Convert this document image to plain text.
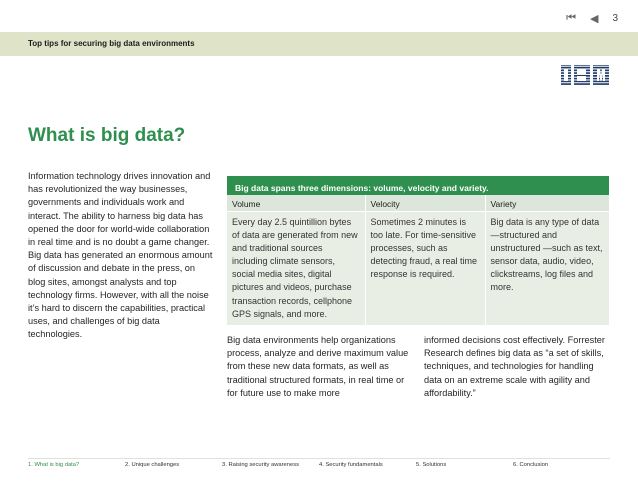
⏮ ◀ 3
Top tips for securing big data environments
What is big data?

Information technology drives innovation and has revolutionized the way businesses, governments and individuals work and interact. The ability to harness big data has opened the door for world-wide collaboration in real time and is no doubt a game changer. Big data has generated an enormous amount of discussion and debate in the press, on blog sites, amongst analysts and top technology firms. However, with all the noise it’s hard to discern the capabilities, practical uses, and challenges of big data technologies.

Big data spans three dimensions: volume, velocity and variety.		

Volume	Velocity	Variety
Every day 2.5 quintillion bytes of data are generated from new and traditional sources including climate sensors, social media sites, digital pictures and videos, purchase transaction records, cellphone GPS signals, and more.	Sometimes 2 minutes is too late. For time-sensitive processes, such as detecting fraud, a real time response is required.	Big data is any type of data —structured and unstructured —such as text, sensor data, audio, video, clickstreams, log files and more.

Big data environments help organizations process, analyze and derive maximum value from these new data formats, as well as traditional structured formats, in real time or for future use to make more

informed decisions cost effectively. Forrester Research defines big data as “a set of skills, techniques, and technologies for handling data on an extreme scale with agility and affordability.”

1. What is big data?	2. Unique challenges	3. Raising security awareness	4. Security fundamentals	5. Solutions	6. Conclusion
